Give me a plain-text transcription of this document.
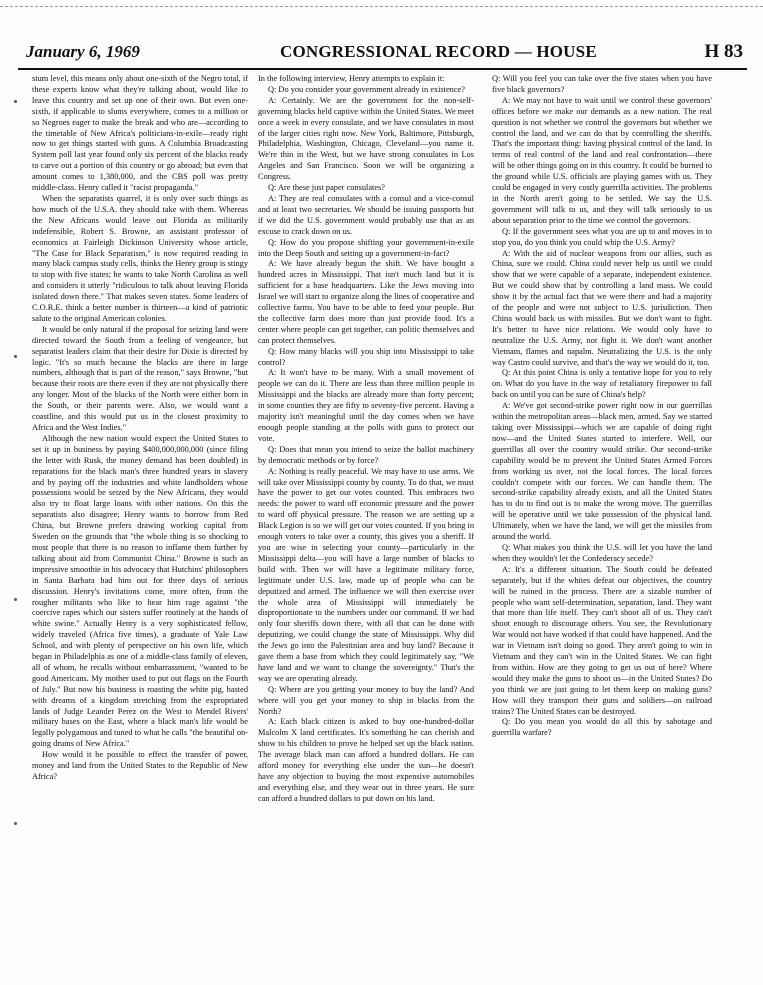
January 6, 1969	CONGRESSIONAL RECORD — HOUSE	H 83

stum level, this means only about one-sixth of the Negro total, if these experts know what they're talking about, would like to leave this country and set up one of their own. But even one-sixth, if applicable to slums everywhere, comes to a million or so Negroes eager to make the break and who are—according to the timetable of New Africa's politicians-in-exile—ready right now to get things started with guns. A Columbia Broadcasting System poll last year found only six percent of the blacks ready to carve out a portion of this country or go abroad; but even that amount comes to 1,380,000, and the CBS poll was pretty middle-class. Henry called it "racist propaganda."

When the separatists quarrel, it is only over such things as how much of the U.S.A. they should take with them. Whereas the New Africans would leave out Florida as militarily indefensible, Robert S. Browne, an assistant professor of economics at Fairleigh Dickinson University whose article, "The Case for Black Separatism," is now required reading in many black campus study cells, thinks the Henry group is stingy to stop with five states; he wants to take North Carolina as well and considers it utterly "ridiculous to talk about leaving Florida isolated down there." That makes seven states. Some leaders of C.O.R.E. think a better number is thirteen—a kind of patriotic salute to the original American colonies.

It would be only natural if the proposal for seizing land were directed toward the South from a feeling of vengeance, but separatist leaders claim that their desire for Dixie is directed by logic. "It's so much because the blacks are there in large numbers, although that is part of the reason," says Browne, "but because their roots are there even if they are not physically there any longer. Most of the blacks of the North were either born in the South, or their parents were. Also, we would want a coastline, and this would put us in the closest proximity to Africa and the West Indies."

Although the new nation would expect the United States to set it up in business by paying $400,000,000,000 (since filing the letter with Rusk, the money demand has been doubled) in reparations for the black man's three hundred years in slavery and by paying off the industries and white landholders whose possessions would be seized by the New Africans, they would also try to float large loans with other nations. On this the separatists also disagree; Henry wants to borrow from Red China, but Browne prefers drawing working capital from Sweden on the grounds that "the whole thing is so shocking to most people that there is no reason to inflame them further by talking about aid from Communist China." Browne is such an impressive smoothie in his advocacy that Hutchins' philosophers in Santa Barbara had him out for three days of serious discussion. Henry's invitations come, more often, from the rougher militants who like to hear him rage against "the coercive rapes which our sisters suffer routinely at the hands of white swine." Actually Henry is a very sophisticated fellow, widely traveled (Africa five times), a graduate of Yale Law School, and with plenty of perspective on his own life, which began in Philadelphia as one of a middle-class family of eleven, all of whom, he recalls without embarrassment, "wanted to be good Americans. My mother used to put out flags on the Fourth of July." But now his business is roasting the white pig, basted with dreams of a kingdom stretching from the expropriated lands of Judge Leander Perez on the West to Mendel Rivers' military bases on the East, where a black man's life would be legally polygamous and tuned to what he calls "the beautiful on-going drums of New Africa."

How would it be possible to effect the transfer of power, money and land from the United States to the Republic of New Africa?

In the following interview, Henry attempts to explain it:

Q: Do you consider your government already in existence?

A: Certainly. We are the government for the non-self-governing blacks held captive within the United States. We meet once a week in every consulate, and we have consulates in most of the larger cities right now. New York, Baltimore, Pittsburgh, Philadelphia, Washington, Chicago, Cleveland—you name it. We're thin in the West, but we have strong consulates in Los Angeles and San Francisco. Soon we will be organizing a Congress.

Q: Are these just paper consulates?

A: They are real consulates with a consul and a vice-consul and at least two secretaries. We should be issuing passports but if we did the U.S. government would probably use that as an excuse to crack down on us.

Q: How do you propose shifting your government-in-exile into the Deep South and setting up a government-in-fact?

A: We have already begun the shift. We have bought a hundred acres in Mississippi. That isn't much land but it is sufficient for a base headquarters. Like the Jews moving into Israel we will start to organize along the lines of cooperative and collective farms. You have to be able to feed your people. But the collective farm does more than just provide food. It's a center where people can get together, can politic themselves and can protect themselves.

Q: How many blacks will you ship into Mississippi to take control?

A: It won't have to be many. With a small movement of people we can do it. There are less than three million people in Mississippi and the blacks are already more than forty percent; in some counties they are fifty to seventy-five percent. Having a majority isn't meaningful until the day comes when we have enough people standing at the polls with guns to protect our vote.

Q: Does that mean you intend to seize the ballot machinery by democratic methods or by force?

A: Nothing is really peaceful. We may have to use arms. We will take over Mississippi county by county. To do that, we must have the power to get our votes counted. This embraces two needs: the power to ward off economic pressure and the power to ward off physical pressure. The reason we are setting up a Black Legion is so we will get our votes counted. If you bring in enough voters to take over a county, this gives you a sheriff. If you are wise in selecting your county—particularly in the Mississippi delta—you will have a large number of blacks to build with. Then we will have a legitimate military force, legitimate under U.S. law, made up of people who can be deputized and armed. The influence we will then exercise over the whole area of Mississippi will immediately be disproportionate to the numbers under our command. If we had only four sheriffs down there, with all that can be done with deputizing, we could change the state of Mississippi. Why did the Jews go into the Palestinian area and buy land? Because it gave them a base from which they could legitimately say, "We have land and we want to change the sovereignty." That's the way we are operating already.

Q: Where are you getting your money to buy the land? And where will you get your money to ship in blacks from the North?

A: Each black citizen is asked to buy one-hundred-dollar Malcolm X land certificates. It's something he can cherish and show to his children to prove he helped set up the black nation. The average black man can afford a hundred dollars. He can afford money for everything else under the sun—he doesn't have any objection to buying the most expensive automobiles and everything else, and they wear out in three years. He sure can afford a hundred dollars to put down on his land.

Q: Will you feel you can take over the five states when you have five black governors?

A: We may not have to wait until we control these governors' offices before we make our demands as a new nation. The real question is not whether we control the governors but whether we control the land, and we can do that by controlling the sheriffs. That's the important thing: having physical control of the land. In terms of real control of the land and real confrontation—there will be other things going on in this country. It could be burned to the ground while U.S. officials are playing games with us. They could be engaged in very costly guerrilla activities. The problems in the North aren't going to be settled. We say the U.S. government will talk to us, and they will talk seriously to us about separation prior to the time we control the governors.

Q: If the government sees what you are up to and moves in to stop you, do you think you could whip the U.S. Army?

A: With the aid of nuclear weapons from our allies, such as China, sure we could. China could never help us until we could show that we were capable of a separate, independent existence. But we could show that by controlling a land mass. We could show it by the actual fact that we were there and had a majority of the people and were not subject to U.S. jurisdiction. Then China would back us with missiles. But we don't want to fight. It's better to have nice relations. We would only have to neutralize the U.S. Army, not fight it. We don't want another Vietnam, flames and napalm. Neutralizing the U.S. is the only way Castro could survive, and that's the way we would do it, too.

Q: At this point China is only a tentative hope for you to rely on. What do you have in the way of retaliatory firepower to fall back on until you can be sure of China's help?

A: We've got second-strike power right now in our guerrillas within the metropolitan areas—black men, armed. Say we started taking over Mississippi—which we are capable of doing right now—and the United States started to interfere. Well, our guerrillas all over the country would strike. Our second-strike capability would be to prevent the United States Armed Forces from working us over, not the local forces. The local forces couldn't compete with our forces. We can handle them. The second-strike capability already exists, and all the United States has to do to find out is to make the wrong move. The guerrillas will be operative until we take possession of the physical land. Ultimately, when we have the land, we will get the missiles from around the world.

Q: What makes you think the U.S. will let you have the land when they wouldn't let the Confederacy secede?

A: It's a different situation. The South could be defeated separately, but if the whites defeat our objectives, the country will be ruined in the process. There are a sizable number of people who want self-determination, separation, land. They want that more than life itself. They can't shoot all of us. They can't shoot enough to discourage others. You see, the Revolutionary War would not have worked if that could have happened. And the war in Vietnam isn't doing so good. They aren't going to win in Vietnam and they can't win in the United States. We can fight from within. How are they going to get us out of here? Where would they make the guns to shoot us—in the United States? Do you think we are just going to let them keep on making guns? How will they transport their guns and soldiers—on railroad trains? The United States can be destroyed.

Q: Do you mean you would do all this by sabotage and guerrilla warfare?
